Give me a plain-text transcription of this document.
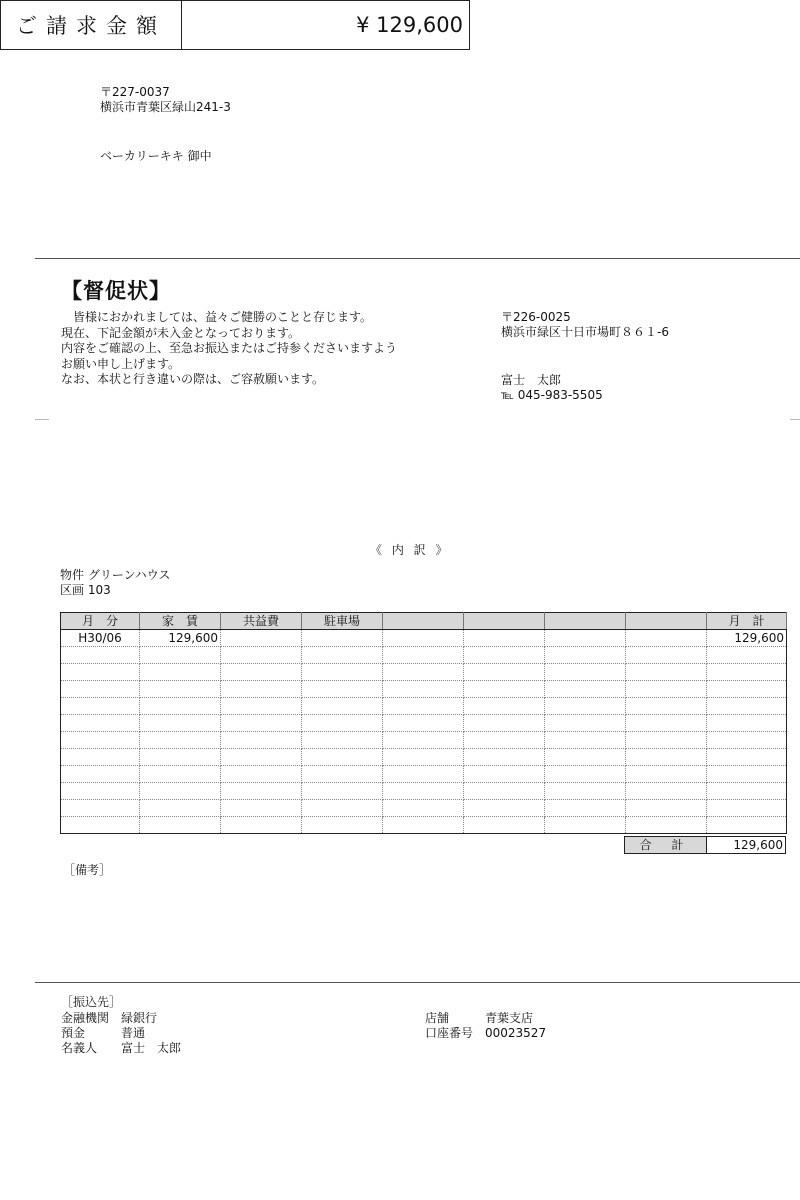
〒227-0037
横浜市青葉区緑山241-3
ベーカリーキキ 御中
【督促状】
　皆様におかれましては、益々ご健勝のことと存じます。
現在、下記金額が未入金となっております。
内容をご確認の上、至急お振込またはご持参くださいますよう
お願い申し上げます。
なお、本状と行き違いの際は、ご容赦願います。
〒226-0025
横浜市緑区十日市場町８６１-6
富士　太郎
℡ 045-983-5505
ご請求金額	¥ 129,600
《 内 訳 》
物件 グリーンハウス
区画 103
月　分	家　賃	共益費	駐車場					月　計
H30/06	129,600							129,600

合 計	129,600
［備考］
［振込先］
金融機関 緑銀行
預金	普通
名義人 富士　太郎
店舗	青葉支店
口座番号 00023527
